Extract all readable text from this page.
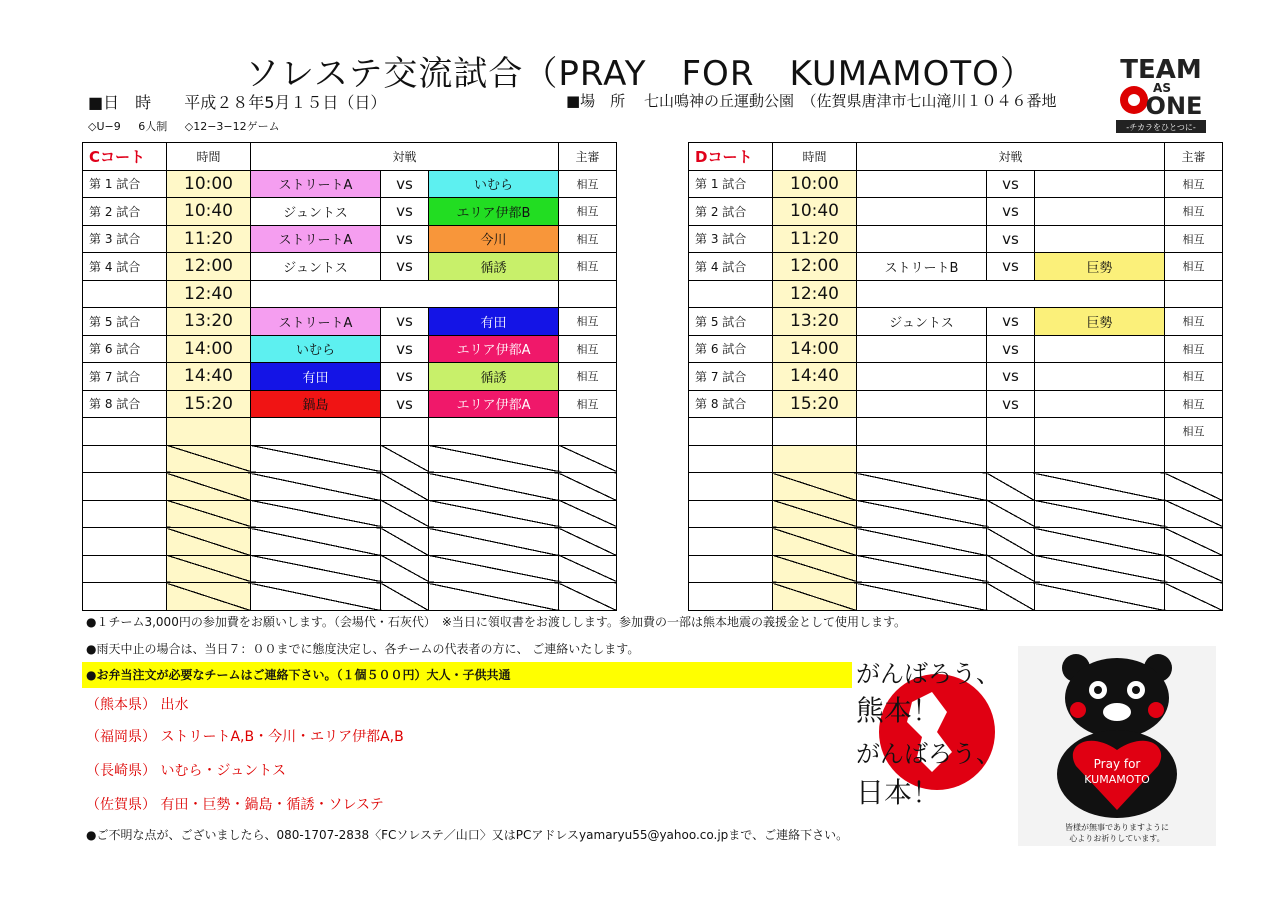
ソレステ交流試合（PRAY　FOR　KUMAMOTO）
■日　時 平成２８年5月１５日（日）	■場　所 七山鳴神の丘運動公園　（佐賀県唐津市七山滝川１０４６番地
◇U−9 6人制 ◇12−3−12ゲーム
TEAM
AS
ONE
-チカラをひとつに-
Cコート	時間	対戦			主審
第 1 試合	10:00	ストリートA	vs	いむら	相互
第 2 試合	10:40	ジュントス	vs	エリア伊都B	相互
第 3 試合	11:20	ストリートA	vs	今川	相互
第 4 試合	12:00	ジュントス	vs	循誘	相互
	12:40				
第 5 試合	13:20	ストリートA	vs	有田	相互
第 6 試合	14:00	いむら	vs	エリア伊都A	相互
第 7 試合	14:40	有田	vs	循誘	相互
第 8 試合	15:20	鍋島	vs	エリア伊都A	相互

Dコート	時間	対戦			主審
第 1 試合	10:00		vs		相互
第 2 試合	10:40		vs		相互
第 3 試合	11:20		vs		相互
第 4 試合	12:00	ストリートB	vs	巨勢	相互
	12:40				
第 5 試合	13:20	ジュントス	vs	巨勢	相互
第 6 試合	14:00		vs		相互
第 7 試合	14:40		vs		相互
第 8 試合	15:20		vs		相互
					相互

●１チーム3,000円の参加費をお願いします。（会場代・石灰代）　※当日に領収書をお渡しします。参加費の一部は熊本地震の義援金として使用します。
●雨天中止の場合は、当日７：００までに態度決定し、各チームの代表者の方に、 ご連絡いたします。
●お弁当注文が必要なチームはご連絡下さい。（１個５００円）大人・子供共通
（熊本県） 出水
（福岡県） ストリートA,B・今川・エリア伊都A,B
（長崎県） いむら・ジュントス
（佐賀県） 有田・巨勢・鍋島・循誘・ソレステ
●ご不明な点が、ございましたら、080-1707-2838〈FCソレステ／山口〉又はPCアドレスyamaryu55@yahoo.co.jpまで、ご連絡下さい。
がんばろう、
熊本！
がんばろう、
日本！
Pray for
KUMAMOTO
皆様が無事でありますように
心よりお祈りしています。
